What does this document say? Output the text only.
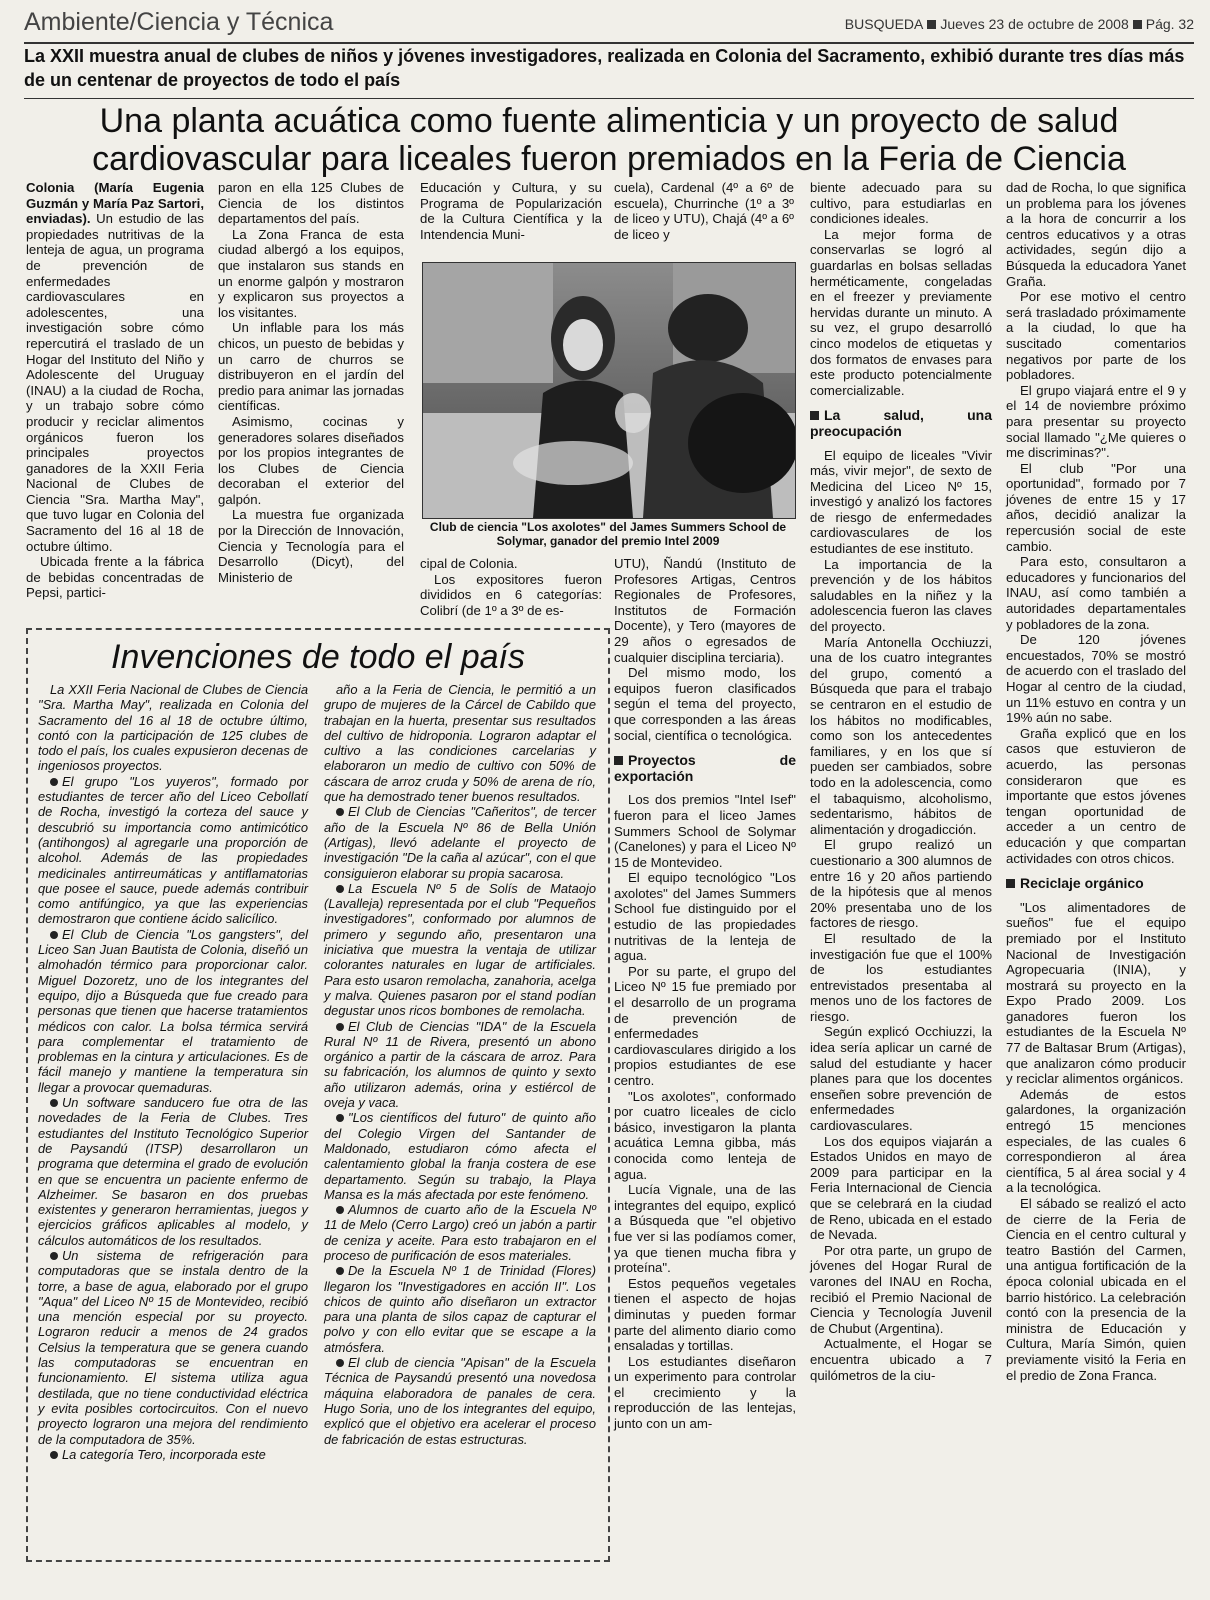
Ambiente/Ciencia y Técnica	BUSQUEDA Jueves 23 de octubre de 2008 Pág. 32
La XXII muestra anual de clubes de niños y jóvenes investigadores, realizada en Colonia del Sacramento, exhibió durante tres días más de un centenar de proyectos de todo el país
Una planta acuática como fuente alimenticia y un proyecto de salud cardiovascular para liceales fueron premiados en la Feria de Ciencia

Colonia (María Eugenia Guzmán y María Paz Sartori, enviadas). Un estudio de las propiedades nutritivas de la lenteja de agua, un programa de prevención de enfermedades cardiovasculares en adolescentes, una investigación sobre cómo repercutirá el traslado de un Hogar del Instituto del Niño y Adolescente del Uruguay (INAU) a la ciudad de Rocha, y un trabajo sobre cómo producir y reciclar alimentos orgánicos fueron los principales proyectos ganadores de la XXII Feria Nacional de Clubes de Ciencia "Sra. Martha May", que tuvo lugar en Colonia del Sacramento del 16 al 18 de octubre último.

Ubicada frente a la fábrica de bebidas concentradas de Pepsi, partici-

paron en ella 125 Clubes de Ciencia de los distintos departamentos del país.

La Zona Franca de esta ciudad albergó a los equipos, que instalaron sus stands en un enorme galpón y mostraron y explicaron sus proyectos a los visitantes.

Un inflable para los más chicos, un puesto de bebidas y un carro de churros se distribuyeron en el jardín del predio para animar las jornadas científicas.

Asimismo, cocinas y generadores solares diseñados por los propios integrantes de los Clubes de Ciencia decoraban el exterior del galpón.

La muestra fue organizada por la Dirección de Innovación, Ciencia y Tecnología para el Desarrollo (Dicyt), del Ministerio de

Educación y Cultura, y su Programa de Popularización de la Cultura Científica y la Intendencia Muni-

cuela), Cardenal (4º a 6º de escuela), Churrinche (1º a 3º de liceo y UTU), Chajá (4º a 6º de liceo y

Club de ciencia "Los axolotes" del James Summers School de Solymar, ganador del premio Intel 2009

cipal de Colonia.

Los expositores fueron divididos en 6 categorías: Colibrí (de 1º a 3º de es-

UTU), Ñandú (Instituto de Profesores Artigas, Centros Regionales de Profesores, Institutos de Formación Docente), y Tero (mayores de 29 años o egresados de cualquier disciplina terciaria).

Del mismo modo, los equipos fueron clasificados según el tema del proyecto, que corresponden a las áreas social, científica o tecnológica.

Proyectos de exportación

Los dos premios "Intel Isef" fueron para el liceo James Summers School de Solymar (Canelones) y para el Liceo Nº 15 de Montevideo.

El equipo tecnológico "Los axolotes" del James Summers School fue distinguido por el estudio de las propiedades nutritivas de la lenteja de agua.

Por su parte, el grupo del Liceo Nº 15 fue premiado por el desarrollo de un programa de prevención de enfermedades cardiovasculares dirigido a los propios estudiantes de ese centro.

"Los axolotes", conformado por cuatro liceales de ciclo básico, investigaron la planta acuática Lemna gibba, más conocida como lenteja de agua.

Lucía Vignale, una de las integrantes del equipo, explicó a Búsqueda que "el objetivo fue ver si las podíamos comer, ya que tienen mucha fibra y proteína".

Estos pequeños vegetales tienen el aspecto de hojas diminutas y pueden formar parte del alimento diario como ensaladas y tortillas.

Los estudiantes diseñaron un experimento para controlar el crecimiento y la reproducción de las lentejas, junto con un am-

biente adecuado para su cultivo, para estudiarlas en condiciones ideales.

La mejor forma de conservarlas se logró al guardarlas en bolsas selladas herméticamente, congeladas en el freezer y previamente hervidas durante un minuto. A su vez, el grupo desarrolló cinco modelos de etiquetas y dos formatos de envases para este producto potencialmente comercializable.

La salud, una preocupación

El equipo de liceales "Vivir más, vivir mejor", de sexto de Medicina del Liceo Nº 15, investigó y analizó los factores de riesgo de enfermedades cardiovasculares de los estudiantes de ese instituto.

La importancia de la prevención y de los hábitos saludables en la niñez y la adolescencia fueron las claves del proyecto.

María Antonella Occhiuzzi, una de los cuatro integrantes del grupo, comentó a Búsqueda que para el trabajo se centraron en el estudio de los hábitos no modificables, como son los antecedentes familiares, y en los que sí pueden ser cambiados, sobre todo en la adolescencia, como el tabaquismo, alcoholismo, sedentarismo, hábitos de alimentación y drogadicción.

El grupo realizó un cuestionario a 300 alumnos de entre 16 y 20 años partiendo de la hipótesis que al menos 20% presentaba uno de los factores de riesgo.

El resultado de la investigación fue que el 100% de los estudiantes entrevistados presentaba al menos uno de los factores de riesgo.

Según explicó Occhiuzzi, la idea sería aplicar un carné de salud del estudiante y hacer planes para que los docentes enseñen sobre prevención de enfermedades cardiovasculares.

Los dos equipos viajarán a Estados Unidos en mayo de 2009 para participar en la Feria Internacional de Ciencia que se celebrará en la ciudad de Reno, ubicada en el estado de Nevada.

Por otra parte, un grupo de jóvenes del Hogar Rural de varones del INAU en Rocha, recibió el Premio Nacional de Ciencia y Tecnología Juvenil de Chubut (Argentina).

Actualmente, el Hogar se encuentra ubicado a 7 quilómetros de la ciu-

dad de Rocha, lo que significa un problema para los jóvenes a la hora de concurrir a los centros educativos y a otras actividades, según dijo a Búsqueda la educadora Yanet Graña.

Por ese motivo el centro será trasladado próximamente a la ciudad, lo que ha suscitado comentarios negativos por parte de los pobladores.

El grupo viajará entre el 9 y el 14 de noviembre próximo para presentar su proyecto social llamado "¿Me quieres o me discriminas?".

El club "Por una oportunidad", formado por 7 jóvenes de entre 15 y 17 años, decidió analizar la repercusión social de este cambio.

Para esto, consultaron a educadores y funcionarios del INAU, así como también a autoridades departamentales y pobladores de la zona.

De 120 jóvenes encuestados, 70% se mostró de acuerdo con el traslado del Hogar al centro de la ciudad, un 11% estuvo en contra y un 19% aún no sabe.

Graña explicó que en los casos que estuvieron de acuerdo, las personas consideraron que es importante que estos jóvenes tengan oportunidad de acceder a un centro de educación y que compartan actividades con otros chicos.

Reciclaje orgánico

"Los alimentadores de sueños" fue el equipo premiado por el Instituto Nacional de Investigación Agropecuaria (INIA), y mostrará su proyecto en la Expo Prado 2009. Los ganadores fueron los estudiantes de la Escuela Nº 77 de Baltasar Brum (Artigas), que analizaron cómo producir y reciclar alimentos orgánicos.

Además de estos galardones, la organización entregó 15 menciones especiales, de las cuales 6 correspondieron al área científica, 5 al área social y 4 a la tecnológica.

El sábado se realizó el acto de cierre de la Feria de Ciencia en el centro cultural y teatro Bastión del Carmen, una antigua fortificación de la época colonial ubicada en el barrio histórico. La celebración contó con la presencia de la ministra de Educación y Cultura, María Simón, quien previamente visitó la Feria en el predio de Zona Franca.

Invenciones de todo el país

La XXII Feria Nacional de Clubes de Ciencia "Sra. Martha May", realizada en Colonia del Sacramento del 16 al 18 de octubre último, contó con la participación de 125 clubes de todo el país, los cuales expusieron decenas de ingeniosos proyectos.

El grupo "Los yuyeros", formado por estudiantes de tercer año del Liceo Cebollatí de Rocha, investigó la corteza del sauce y descubrió su importancia como antimicótico (antihongos) al agregarle una proporción de alcohol. Además de las propiedades medicinales antirreumáticas y antiflamatorias que posee el sauce, puede además contribuir como antifúngico, ya que las experiencias demostraron que contiene ácido salicílico.

El Club de Ciencia "Los gangsters", del Liceo San Juan Bautista de Colonia, diseñó un almohadón térmico para proporcionar calor. Miguel Dozoretz, uno de los integrantes del equipo, dijo a Búsqueda que fue creado para personas que tienen que hacerse tratamientos médicos con calor. La bolsa térmica servirá para complementar el tratamiento de problemas en la cintura y articulaciones. Es de fácil manejo y mantiene la temperatura sin llegar a provocar quemaduras.

Un software sanducero fue otra de las novedades de la Feria de Clubes. Tres estudiantes del Instituto Tecnológico Superior de Paysandú (ITSP) desarrollaron un programa que determina el grado de evolución en que se encuentra un paciente enfermo de Alzheimer. Se basaron en dos pruebas existentes y generaron herramientas, juegos y ejercicios gráficos aplicables al modelo, y cálculos automáticos de los resultados.

Un sistema de refrigeración para computadoras que se instala dentro de la torre, a base de agua, elaborado por el grupo "Aqua" del Liceo Nº 15 de Montevideo, recibió una mención especial por su proyecto. Lograron reducir a menos de 24 grados Celsius la temperatura que se genera cuando las computadoras se encuentran en funcionamiento. El sistema utiliza agua destilada, que no tiene conductividad eléctrica y evita posibles cortocircuitos. Con el nuevo proyecto lograron una mejora del rendimiento de la computadora de 35%.

La categoría Tero, incorporada este

año a la Feria de Ciencia, le permitió a un grupo de mujeres de la Cárcel de Cabildo que trabajan en la huerta, presentar sus resultados del cultivo de hidroponia. Lograron adaptar el cultivo a las condiciones carcelarias y elaboraron un medio de cultivo con 50% de cáscara de arroz cruda y 50% de arena de río, que ha demostrado tener buenos resultados.

El Club de Ciencias "Cañeritos", de tercer año de la Escuela Nº 86 de Bella Unión (Artigas), llevó adelante el proyecto de investigación "De la caña al azúcar", con el que consiguieron elaborar su propia sacarosa.

La Escuela Nº 5 de Solís de Mataojo (Lavalleja) representada por el club "Pequeños investigadores", conformado por alumnos de primero y segundo año, presentaron una iniciativa que muestra la ventaja de utilizar colorantes naturales en lugar de artificiales. Para esto usaron remolacha, zanahoria, acelga y malva. Quienes pasaron por el stand podían degustar unos ricos bombones de remolacha.

El Club de Ciencias "IDA" de la Escuela Rural Nº 11 de Rivera, presentó un abono orgánico a partir de la cáscara de arroz. Para su fabricación, los alumnos de quinto y sexto año utilizaron además, orina y estiércol de oveja y vaca.

"Los científicos del futuro" de quinto año del Colegio Virgen del Santander de Maldonado, estudiaron cómo afecta el calentamiento global la franja costera de ese departamento. Según su trabajo, la Playa Mansa es la más afectada por este fenómeno.

Alumnos de cuarto año de la Escuela Nº 11 de Melo (Cerro Largo) creó un jabón a partir de ceniza y aceite. Para esto trabajaron en el proceso de purificación de esos materiales.

De la Escuela Nº 1 de Trinidad (Flores) llegaron los "Investigadores en acción II". Los chicos de quinto año diseñaron un extractor para una planta de silos capaz de capturar el polvo y con ello evitar que se escape a la atmósfera.

El club de ciencia "Apisan" de la Escuela Técnica de Paysandú presentó una novedosa máquina elaboradora de panales de cera. Hugo Soria, uno de los integrantes del equipo, explicó que el objetivo era acelerar el proceso de fabricación de estas estructuras.
